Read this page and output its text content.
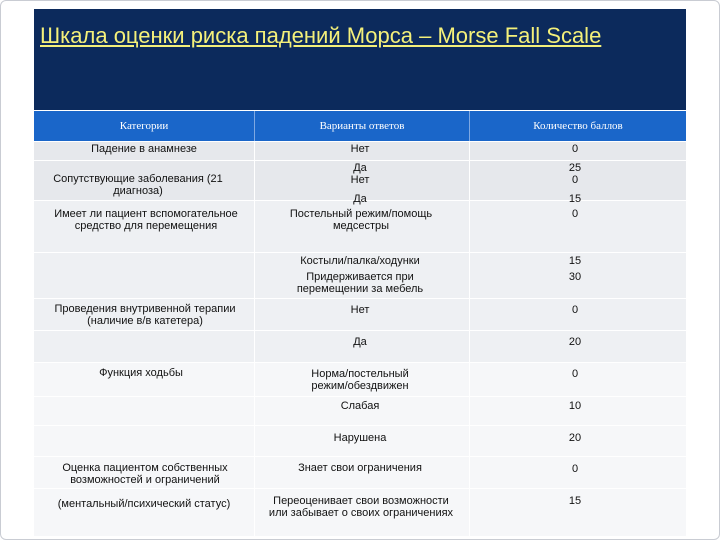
Шкала оценки риска падений Морса – Morse Fall Scale
Категории	Варианты ответов	Количество баллов
Падение в анамнезе
Сопутствующие заболевания (21 диагноза)
Имеет ли пациент вспомогательное средство для перемещения
Проведения внутривенной терапии (наличие в/в катетера)
Функция ходьбы
Оценка пациентом собственных возможностей и ограничений
(ментальный/психический статус)
Нет
Да
Нет
Да
Постельный режим/помощь медсестры
Костыли/палка/ходунки
Придерживается при перемещении за мебель
Нет
Да
Норма/постельный режим/обездвижен
Слабая
Нарушена
Знает свои ограничения
Переоценивает свои возможности или забывает о своих ограничениях
0
25
0
15
0
15
30
0
20
0
10
20
0
15
